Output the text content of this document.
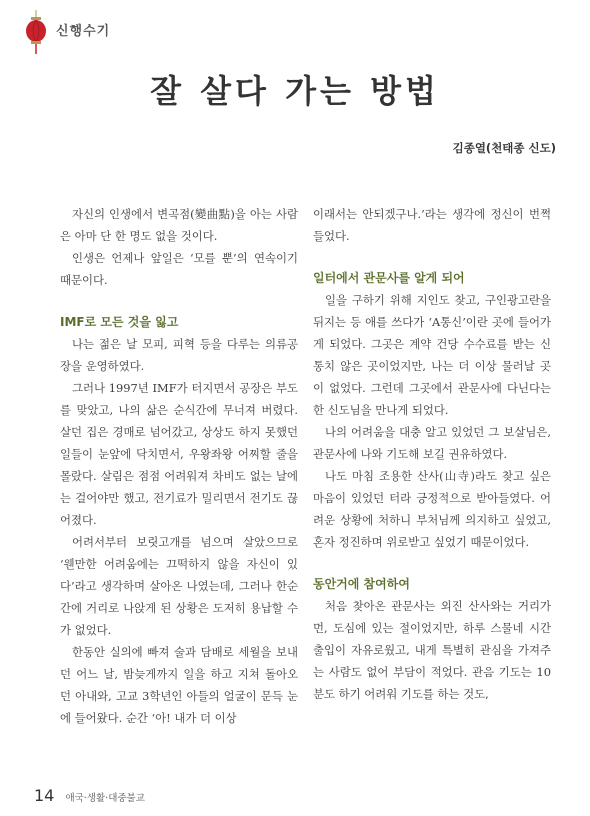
신행수기
잘 살다 가는 방법
김종열(천태종 신도)

자신의 인생에서 변곡점(變曲點)을 아는 사람은 아마 단 한 명도 없을 것이다.

인생은 언제나 앞일은 ‘모를 뿐’의 연속이기 때문이다.

IMF로 모든 것을 잃고

나는 젊은 날 모피, 피혁 등을 다루는 의류공장을 운영하였다.

그러나 1997년 IMF가 터지면서 공장은 부도를 맞았고, 나의 삶은 순식간에 무너져 버렸다. 살던 집은 경매로 넘어갔고, 상상도 하지 못했던 일들이 눈앞에 닥치면서, 우왕좌왕 어찌할 줄을 몰랐다. 살림은 점점 어려워져 차비도 없는 날에는 걸어야만 했고, 전기료가 밀리면서 전기도 끊어졌다.

어려서부터 보릿고개를 넘으며 살았으므로 ‘웬만한 어려움에는 끄떡하지 않을 자신이 있다’라고 생각하며 살아온 나였는데, 그러나 한순간에 거리로 나앉게 된 상황은 도저히 용납할 수가 없었다.

한동안 실의에 빠져 술과 담배로 세월을 보내던 어느 날, 밤늦게까지 일을 하고 지쳐 돌아오던 아내와, 고교 3학년인 아들의 얼굴이 문득 눈에 들어왔다. 순간 ‘아! 내가 더 이상

이래서는 안되겠구나.’라는 생각에 정신이 번쩍 들었다.

일터에서 관문사를 알게 되어

일을 구하기 위해 지인도 찾고, 구인광고란을 뒤지는 등 애를 쓰다가 ‘A통신’이란 곳에 들어가게 되었다. 그곳은 계약 건당 수수료를 받는 신통치 않은 곳이었지만, 나는 더 이상 물러날 곳이 없었다. 그런데 그곳에서 관문사에 다닌다는 한 신도님을 만나게 되었다.

나의 어려움을 대충 알고 있었던 그 보살님은, 관문사에 나와 기도해 보길 권유하였다.

나도 마침 조용한 산사(山寺)라도 찾고 싶은 마음이 있었던 터라 긍정적으로 받아들였다. 어려운 상황에 처하니 부처님께 의지하고 싶었고, 혼자 정진하며 위로받고 싶었기 때문이었다.

동안거에 참여하여

처음 찾아온 관문사는 외진 산사와는 거리가 먼, 도심에 있는 절이었지만, 하루 스물네 시간 출입이 자유로웠고, 내게 특별히 관심을 가져주는 사람도 없어 부담이 적었다. 관음 기도는 10분도 하기 어려워 기도를 하는 것도,

14 애국·생활·대중불교
